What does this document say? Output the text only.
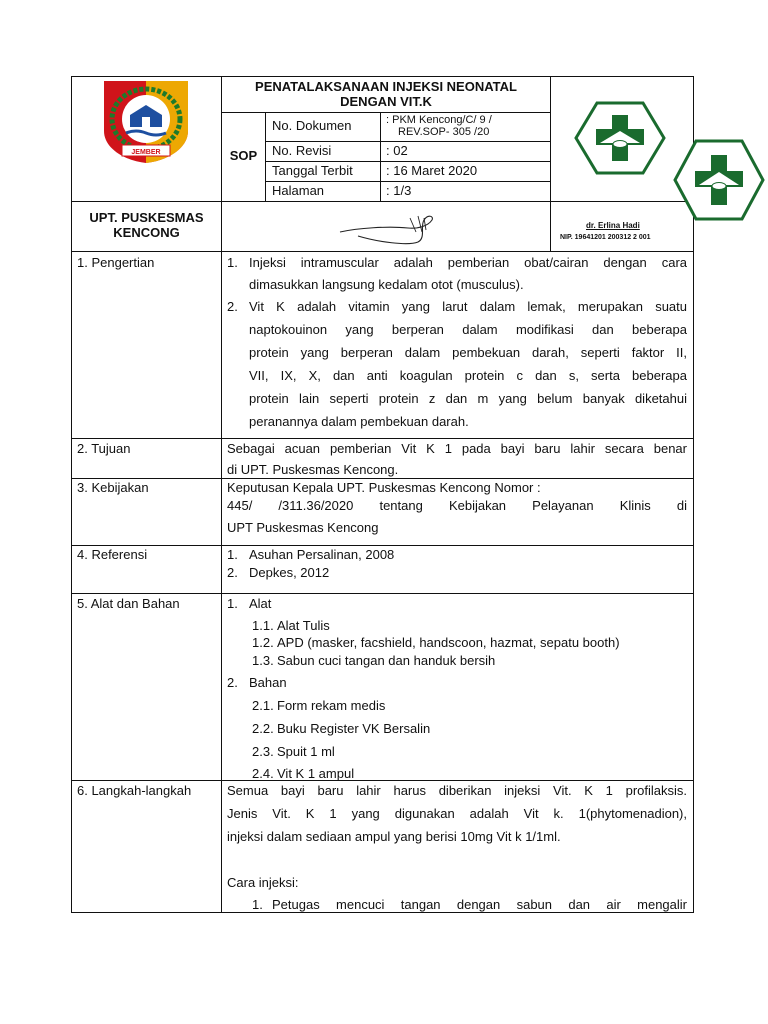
JEMBER
PENATALAKSANAAN INJEKSI NEONATAL
DENGAN VIT.K
SOP
No. Dokumen	: PKM Kencong/C/ 9 /
REV.SOP- 305 /20
No. Revisi	: 02
Tanggal Terbit	: 16 Maret 2020
Halaman	: 1/3
UPT. PUSKESMAS
KENCONG	dr. Erlina Hadi
NIP. 19641201 200312 2 001
1. Pengertian	1. Injeksi intramuscular adalah pemberian obat/cairan dengan cara
dimasukkan langsung kedalam otot (musculus).
2. Vit K adalah vitamin yang larut dalam lemak, merupakan suatu
naptokouinon yang berperan dalam modifikasi dan beberapa
protein yang berperan dalam pembekuan darah, seperti faktor II,
VII, IX, X, dan anti koagulan protein c dan s, serta beberapa
protein lain seperti protein z dan m yang belum banyak diketahui
peranannya dalam pembekuan darah.
2. Tujuan	Sebagai acuan pemberian Vit K 1 pada bayi baru lahir secara benar
di UPT. Puskesmas Kencong.
3. Kebijakan	Keputusan Kepala UPT. Puskesmas Kencong Nomor :
445/ /311.36/2020 tentang Kebijakan Pelayanan Klinis di
UPT Puskesmas Kencong
4. Referensi	1. Asuhan Persalinan, 2008
2. Depkes, 2012
5. Alat dan Bahan	1. Alat
1.1. Alat Tulis
1.2. APD (masker, facshield, handscoon, hazmat, sepatu booth)
1.3. Sabun cuci tangan dan handuk bersih
2. Bahan
2.1. Form rekam medis
2.2. Buku Register VK Bersalin
2.3. Spuit 1 ml
2.4. Vit K 1 ampul
6. Langkah-langkah	Semua bayi baru lahir harus diberikan injeksi Vit. K 1 profilaksis.
Jenis Vit. K 1 yang digunakan adalah Vit k. 1(phytomenadion),
injeksi dalam sediaan ampul yang berisi 10mg Vit k 1/1ml.
Cara injeksi:
1. Petugas mencuci tangan dengan sabun dan air mengalir
